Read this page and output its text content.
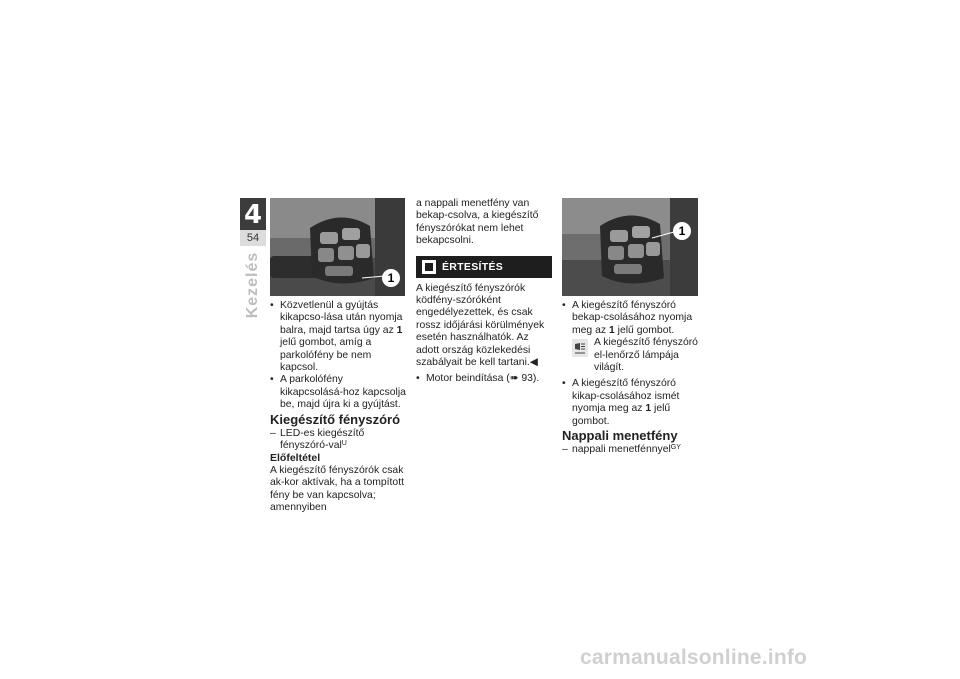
4
54
Kezelés	1

• Közvetlenül a gyújtás kikapcso-lása után nyomja balra, majd tartsa úgy az 1 jelű gombot, amíg a parkolófény be nem kapcsol.

• A parkolófény kikapcsolásá-hoz kapcsolja be, majd újra ki a gyújtást.

Kiegészítő fényszóró

– LED-es kiegészítő fényszóró-val$^U$

Előfeltétel

A kiegészítő fényszórók csak ak-kor aktívak, ha a tompított fény be van kapcsolva; amennyiben

a nappali menetfény van bekap-csolva, a kiegészítő fényszórókat nem lehet bekapcsolni.

ÉRTESÍTÉS

A kiegészítő fényszórók ködfény-szóróként engedélyezettek, és csak rossz időjárási körülmények esetén használhatók. Az adott ország közlekedési szabályait be kell tartani.◀

• Motor beindítása (➠ 93).

1

• A kiegészítő fényszóró bekap-csolásához nyomja meg az 1 jelű gombot.

A kiegészítő fényszóró el-lenőrző lámpája világít.

• A kiegészítő fényszóró kikap-csolásához ismét nyomja meg az 1 jelű gombot.

Nappali menetfény

– nappali menetfénnyel$^{GY}$

carmanualsonline.info
